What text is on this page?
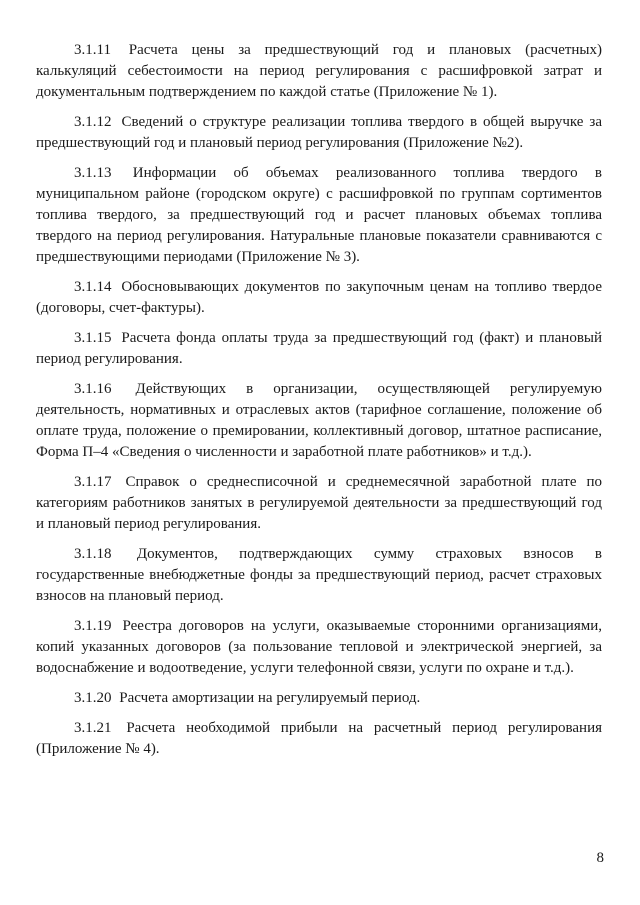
3.1.11 Расчета цены за предшествующий год и плановых (расчетных) калькуляций себестоимости на период регулирования с расшифровкой затрат и документальным подтверждением по каждой статье (Приложение № 1).

3.1.12 Сведений о структуре реализации топлива твердого в общей выручке за предшествующий год и плановый период регулирования (Приложение №2).

3.1.13 Информации об объемах реализованного топлива твердого в муниципальном районе (городском округе) с расшифровкой по группам сортиментов топлива твердого, за предшествующий год и расчет плановых объемах топлива твердого на период регулирования. Натуральные плановые показатели сравниваются с предшествующими периодами (Приложение № 3).

3.1.14 Обосновывающих документов по закупочным ценам на топливо твердое (договоры, счет-фактуры).

3.1.15 Расчета фонда оплаты труда за предшествующий год (факт) и плановый период регулирования.

3.1.16 Действующих в организации, осуществляющей регулируемую деятельность, нормативных и отраслевых актов (тарифное соглашение, положение об оплате труда, положение о премировании, коллективный договор, штатное расписание, Форма П–4 «Сведения о численности и заработной плате работников» и т.д.).

3.1.17 Справок о среднесписочной и среднемесячной заработной плате по категориям работников занятых в регулируемой деятельности за предшествующий год и плановый период регулирования.

3.1.18 Документов, подтверждающих сумму страховых взносов в государственные внебюджетные фонды за предшествующий период, расчет страховых взносов на плановый период.

3.1.19 Реестра договоров на услуги, оказываемые сторонними организациями, копий указанных договоров (за пользование тепловой и электрической энергией, за водоснабжение и водоотведение, услуги телефонной связи, услуги по охране и т.д.).

3.1.20 Расчета амортизации на регулируемый период.

3.1.21 Расчета необходимой прибыли на расчетный период регулирования (Приложение № 4).

8
